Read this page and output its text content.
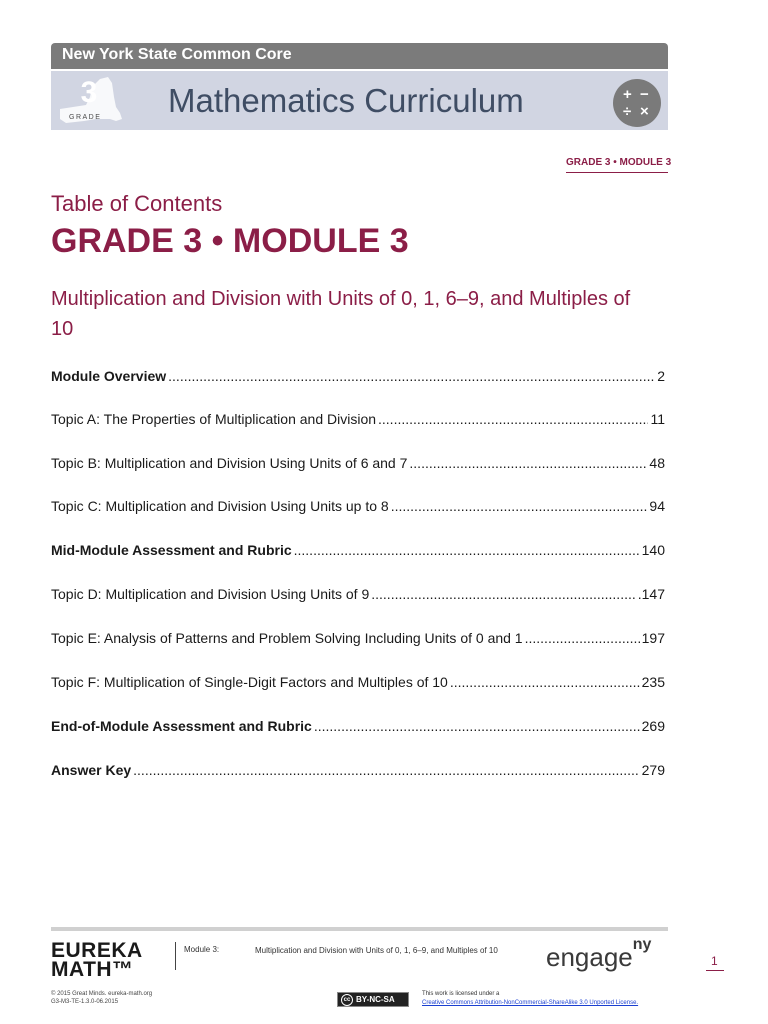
New York State Common Core
3
GRADE Mathematics Curriculum	+ −
÷ ×
GRADE 3 • MODULE 3
Table of Contents
GRADE 3 • MODULE 3
Multiplication and Division with Units of 0, 1, 6–9, and Multiples of 10
Module Overview .....	2
Topic A: The Properties of Multiplication and Division .....	11
Topic B: Multiplication and Division Using Units of 6 and 7 .....	48
Topic C: Multiplication and Division Using Units up to 8 .....	94
Mid-Module Assessment and Rubric .....	140
Topic D: Multiplication and Division Using Units of 9 .....	.147
Topic E: Analysis of Patterns and Problem Solving Including Units of 0 and 1 .....	197
Topic F: Multiplication of Single-Digit Factors and Multiples of 10 .....	235
End-of-Module Assessment and Rubric .....	269
Answer Key .....	279
EUREKA
MATH™
Module 3:	Multiplication and Division with Units of 0, 1, 6–9, and Multiples of 10	engage$^{ny}$
1
© 2015 Great Minds. eureka-math.org
G3-M3-TE-1.3.0-06.2015	cc BY-NC-SA
This work is licensed under a
Creative Commons Attribution-NonCommercial-ShareAlike 3.0 Unported License.
